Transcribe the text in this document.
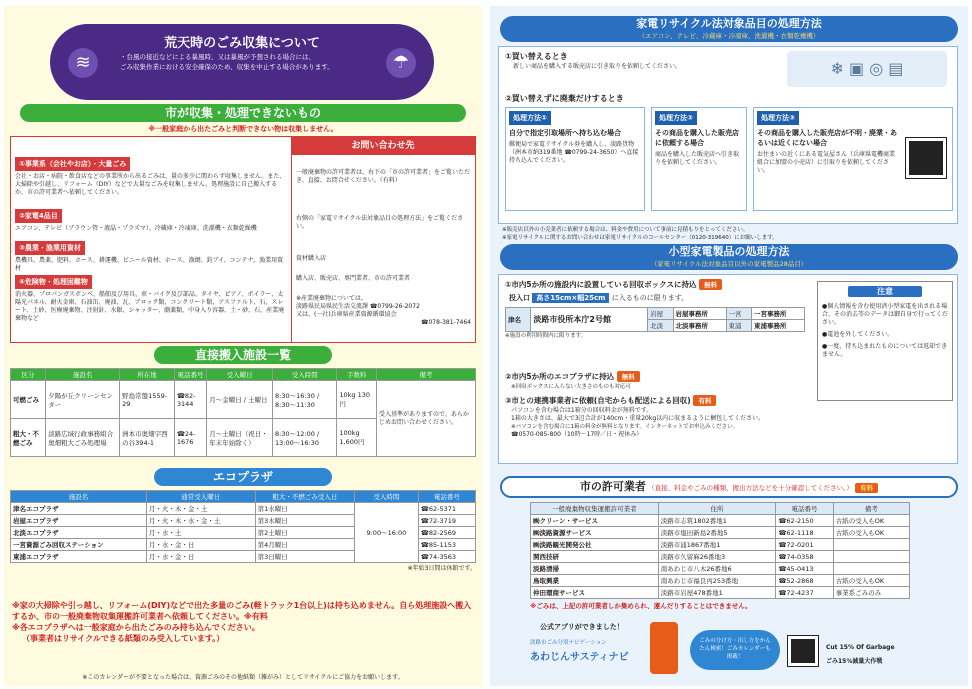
≋	☂
荒天時のごみ収集について

・台風の接近などによる暴風時、又は暴風が予想される場合には、
ごみ収集作業における安全確保のため、収集を中止する場合があります。

市が収集・処理できないもの
※一般家庭から出たごみと判断できない物は収集しません。
お問い合わせ先
①事業系（会社やお店）・大量ごみ
会社・お店・病院・飲食店などの事業所から出るごみは、量の多少に関わらず収集しません。また、大掃除や引越し、リフォーム（DIY）などで大量なごみを収集しません。処理施設に自己搬入するか、市の許可業者へ依頼してください。
②家電4品目
エアコン、テレビ（ブラウン管・液晶・プラズマ）、冷蔵庫・冷凍庫、洗濯機・衣類乾燥機
③農業・漁業用資材
農機具、農薬、肥料、ホース、耕運機、ビニール資材、ホース、漁網、釣ブイ、コンテナ、漁業用資材
④危険物・処理困難物
消火器、プロパンガスボンベ、船舶及び用具、車・バイク及び部品、タイヤ、ピアノ、ボイラー、太陽光パネル、耐火金庫、石油缶、廃油、瓦、ブロック類、コンクリート類、アスファルト、石、スレート、土砂、医療廃棄物、注射針、水銀、シャッター、劇薬類、中身入り容器、土・砂、石、産業廃棄物など
一般廃棄物の許可業者は、右下の「市の許可業者」をご覧いただき、直接、お問合せください。（有料）
右側の「家電リサイクル法対象品目の処理方法」をご覧ください。
資材購入店
購入店、販売店、専門業者、市の許可業者
※産業廃棄物については、
淡路県民局県民生活交流課 ☎0799-26-2072
又は、(一社)兵庫県産業資源循環協会
☎078-381-7464
直接搬入施設一覧
区分	施設名	所在地	電話番号	受入曜日	受入時間	手数料	備考
可燃ごみ	夕陽が丘クリーンセンター	野島常盤1559-29	☎82-3144	月〜金曜日 / 土曜日	8:30〜16:30 / 8:30〜11:30	10kg 130円	受入基準がありますので、あらかじめお問い合わせください。
粗大・不燃ごみ	淡路広域行政事務組合 奥畑粗大ごみ処理場	洲本市奥畑字西の谷394-1	☎24-1676	月〜土曜日（祝日・年末年始除く）	8:30〜12:00 / 13:00〜16:30	100kg 1,600円	
エコプラザ
施設名	通常受入曜日	粗大・不燃ごみ受入日	受入時間	電話番号
津名エコプラザ	月・火・木・金・土	第1水曜日	9:00〜16:00	☎62-5371
岩屋エコプラザ	月・火・木・水・金・土	第3木曜日		☎72-3719
北淡エコプラザ	月・水・土	第2土曜日		☎82-2569
一宮資源ごみ回収ステーション	月・水・金・日	第4月曜日		☎85-1153
東浦エコプラザ	月・水・金・日	第3日曜日		☎74-3563
※年始3日間は休館です。
※家の大掃除や引っ越し、リフォーム(DIY)などで出た多量のごみ(軽トラック1台以上)は持ち込めません。自ら処理施設へ搬入するか、市の一般廃棄物収集運搬許可業者へ依頼してください。※有料
※各エコプラザへは一般家庭から出たごみのみ持ち込んでください。
（事業者はリサイクルできる紙類のみ受入しています。）
※このカレンダーが不要となった場合は、資源ごみのその他紙類（雑がみ）としてリサイクルにご協力をお願いします。
家電リサイクル法対象品目の処理方法
（エアコン、テレビ、冷蔵庫・冷凍庫、洗濯機・衣類乾燥機）
①買い替えるとき
新しい商品を購入する販売店に引き取りを依頼してください。	❄ ▣ ◎ ▤
②買い替えずに廃棄だけするとき
処理方法①
自分で指定引取場所へ持ち込む場合
郵便局で家電リサイクル券を購入し、淡路貨物（洲本市納319番地 ☎0799-24-3650）へ直接持ち込んでください。
処理方法②
その商品を購入した販売店に依頼する場合
商品を購入した販売店へ引き取りを依頼してください。
処理方法③
その商品を購入した販売店が不明・廃業・あるいは近くにない場合
お住まいの近くにある電気屋さん（兵庫県電機商業組合に加盟の小売店）に引取りを依頼してください。
※販売店以外の小売業者に依頼する場合は、料金や費用について事前に見積もりをとってください。
※家電リサイクルに関するお問い合わせは家電リサイクルのコールセンター（0120-319640）にお願いします。
小型家電製品の処理方法
（家電リサイクル法対象品目以外の家電製品28品目）
①市内5か所の施設内に設置している回収ボックスに持込 無料
投入口 高さ15cm×幅25cm に入るものに限ります。
津名	淡路市役所本庁2号館	岩屋	岩屋事務所	一宮	一宮事務所
		北淡	北淡事務所	東浦	東浦事務所
※施設の利用時間内に限ります。
②市内5か所のエコプラザに持込 無料
※回収ボックスに入らない大きさのものも対応可
③市との連携事業者に依頼(自宅からも配送による回収) 有料
パソコンを含む場合は1箱分の回収料金が無料です。
1箱の大きさは、最大で3辺合計が140cm・重量20kg以内に収まるように梱包してください。
※パソコンを含む場合に1箱の料金が無料となります。インターネットでお申込みください。
☎0570-085-800（10時〜17時／日・祝休み）
注意
●個人情報を含む使用済小型家電を出される場合、その消去等のデータは御自身で行ってください。
●電池を外してください。
●一度、持ち込まれたものについては返却できません。
市の許可業者 （直接、料金やごみの種類、搬出方法などを十分確認してください。） 有料
一般廃棄物収集運搬許可業者	住所	電話番号	備考
㈱クリーン・サービス	淡路市志筑1802番地1	☎62-2150	古紙の受入もOK
㈱淡路資源サービス	淡路市塩田新島2番地5	☎62-1118	古紙の受入もOK
㈱淡路観光開発公社	淡路市浦1867番地1	☎72-0201	
関西技研	淡路市久留麻26番地3	☎74-0358	
淡路清掃	南あわじ市八木26番地6	☎45-0413	
鳥取興業	南あわじ市福良丙253番地	☎52-2868	古紙の受入もOK
仲田環商サービス	淡路市岩屋478番地1	☎72-4237	事業系ごみのみ
※ごみは、上記の許可業者しか集められ、運んだりすることはできません。
公式アプリができました！
淡路市ごみ分別ナビゲーション
あわじんサスティナビ
ごみの分け方・出し方をかんたん検索！ごみカレンダーも掲載！
Cut 15% Of Garbage
ごみ15%減量大作戦
